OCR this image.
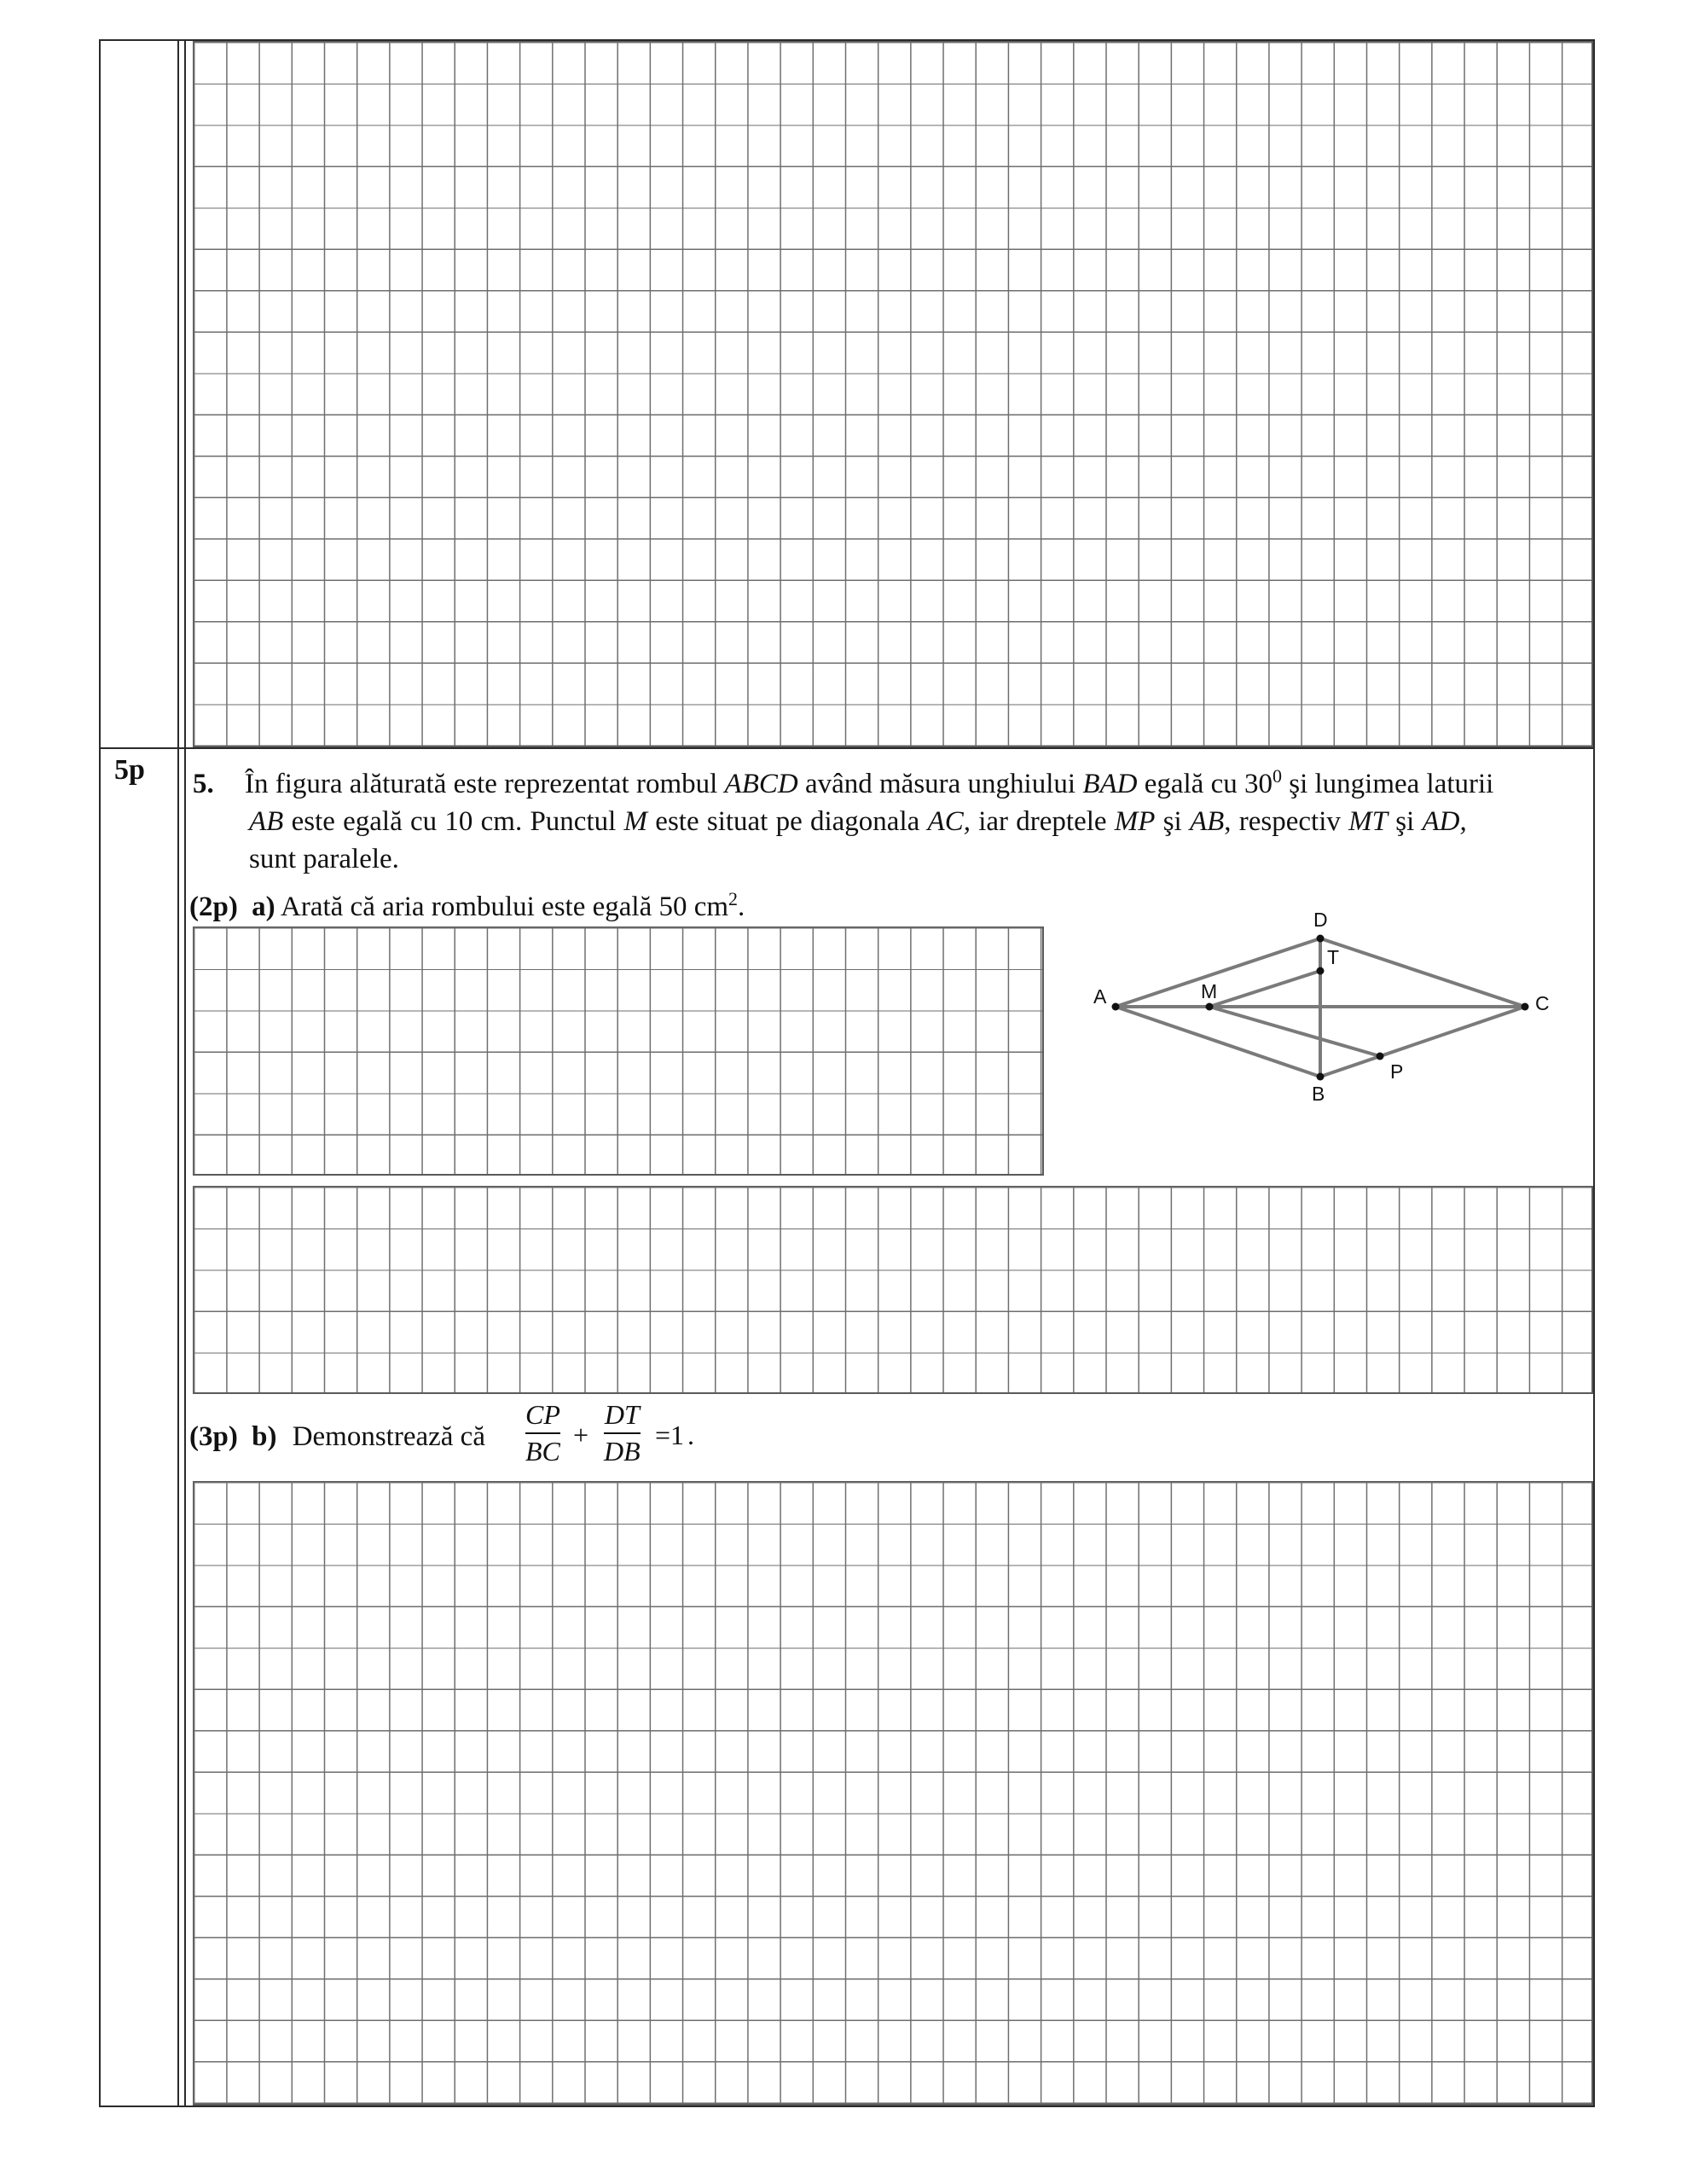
5p 5. În figura alăturată este reprezentat rombul ABCD având măsura unghiului BAD egală cu $30^0$ şi lungimea laturii
AB este egală cu 10 cm. Punctul M este situat pe diagonala AC, iar dreptele MP şi AB, respectiv MT şi AD,
sunt paralele.
(2p) a) Arată că aria rombului este egală 50 $cm^2$.
A
D
T
M
C
P
B
(3p) b) Demonstrează că
CP
BC
+
DT
DB
=1 .
